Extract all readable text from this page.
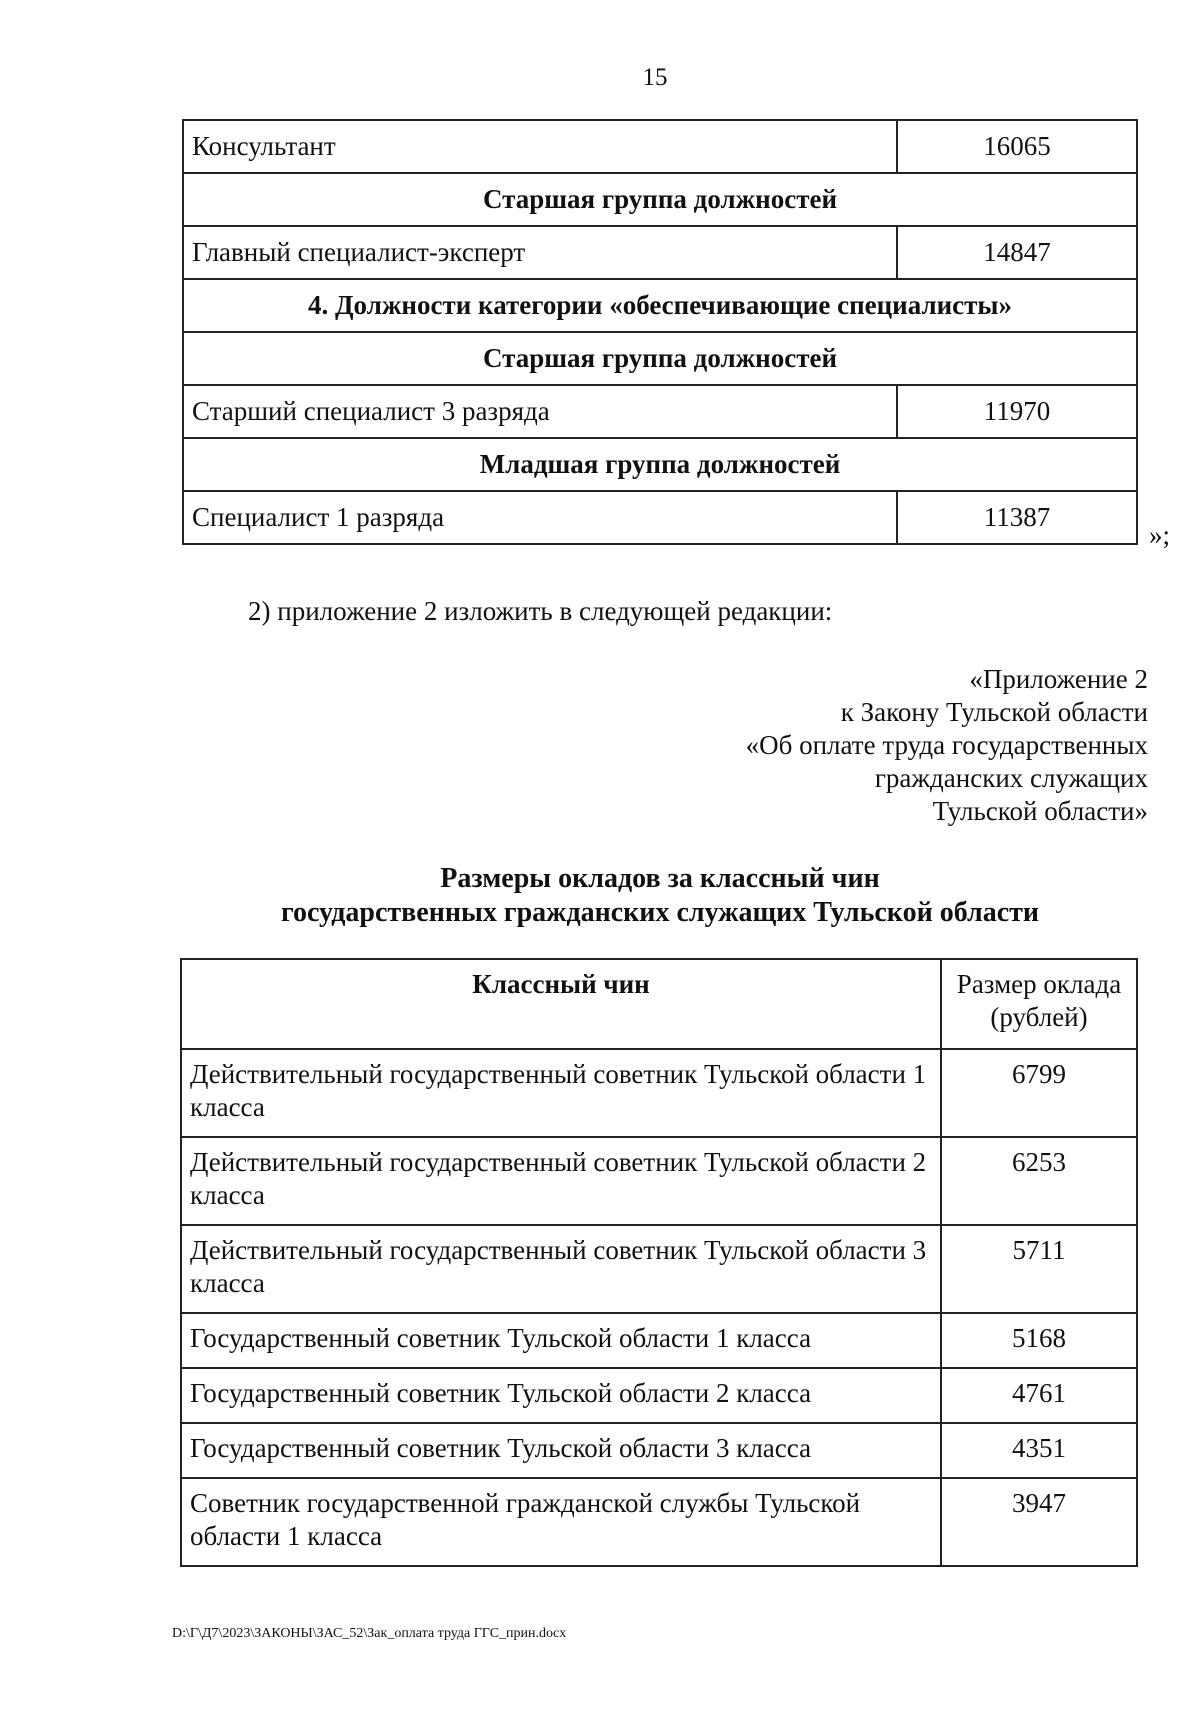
15
Консультант	16065
Старшая группа должностей	
Главный специалист-эксперт	14847
4. Должности категории «обеспечивающие специалисты»	
Старшая группа должностей	
Старший специалист 3 разряда	11970
Младшая группа должностей	
Специалист 1 разряда	11387
»;
2) приложение 2 изложить в следующей редакции:
«Приложение 2
к Закону Тульской области
«Об оплате труда государственных
гражданских служащих
Тульской области»
Размеры окладов за классный чин
государственных гражданских служащих Тульской области
Классный чин	Размер оклада (рублей)
Действительный государственный советник Тульской области 1 класса	6799
Действительный государственный советник Тульской области 2 класса	6253
Действительный государственный советник Тульской области 3 класса	5711
Государственный советник Тульской области 1 класса	5168
Государственный советник Тульской области 2 класса	4761
Государственный советник Тульской области 3 класса	4351
Советник государственной гражданской службы Тульской области 1 класса	3947
D:\Г\Д7\2023\ЗАКОНЫ\ЗАС_52\Зак_оплата труда ГГС_прин.docx
